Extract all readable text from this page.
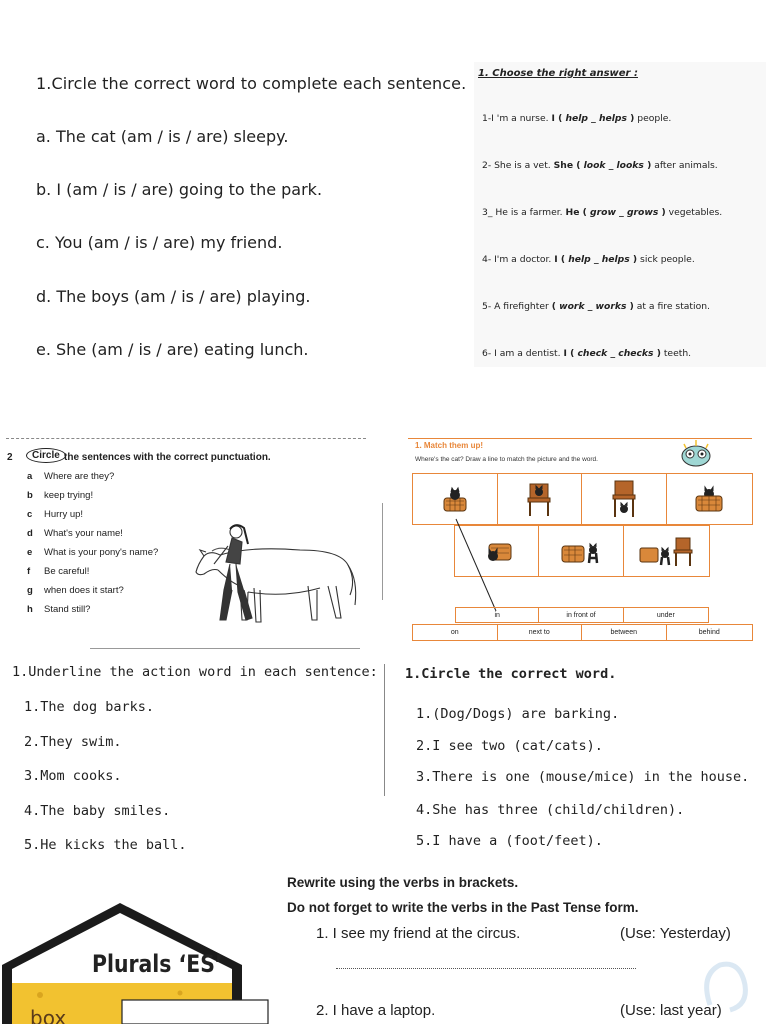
1.Circle the correct word to complete each sentence.
a. The cat (am / is / are) sleepy.
b. I (am / is / are) going to the park.
c. You (am / is / are) my friend.
d. The boys (am / is / are) playing.
e. She (am / is / are) eating lunch.
1. Choose the right answer :
1-I 'm a nurse. I ( help _ helps ) people.
2- She is a vet. She ( look _ looks ) after animals.
3_ He is a farmer. He ( grow _ grows ) vegetables.
4- I'm a doctor. I ( help _ helps ) sick people.
5- A firefighter ( work _ works ) at a fire station.
6- I am a dentist. I ( check _ checks ) teeth.
2	Circle the sentences with the correct punctuation.
a Where are they?
b keep trying!
c Hurry up!
d What's your name!
e What is your pony's name?
f Be careful!
g when does it start?
h Stand still?
1. Match them up!
Where's the cat? Draw a line to match the picture and the word.
in	in front of	under
on	next to	between	behind
1.Underline the action word in each sentence:
1.The dog barks.
2.They swim.
3.Mom cooks.
4.The baby smiles.
5.He kicks the ball.
1.Circle the correct word.
1.(Dog/Dogs) are barking.
2.I see two (cat/cats).
3.There is one (mouse/mice) in the house.
4.She has three (child/children).
5.I have a (foot/feet).
Rewrite using the verbs in brackets.
Do not forget to write the verbs in the Past Tense form.
1. I see my friend at the circus.	(Use: Yesterday)
2. I have a laptop.	(Use: last year)
Plurals ‘ES’
box
